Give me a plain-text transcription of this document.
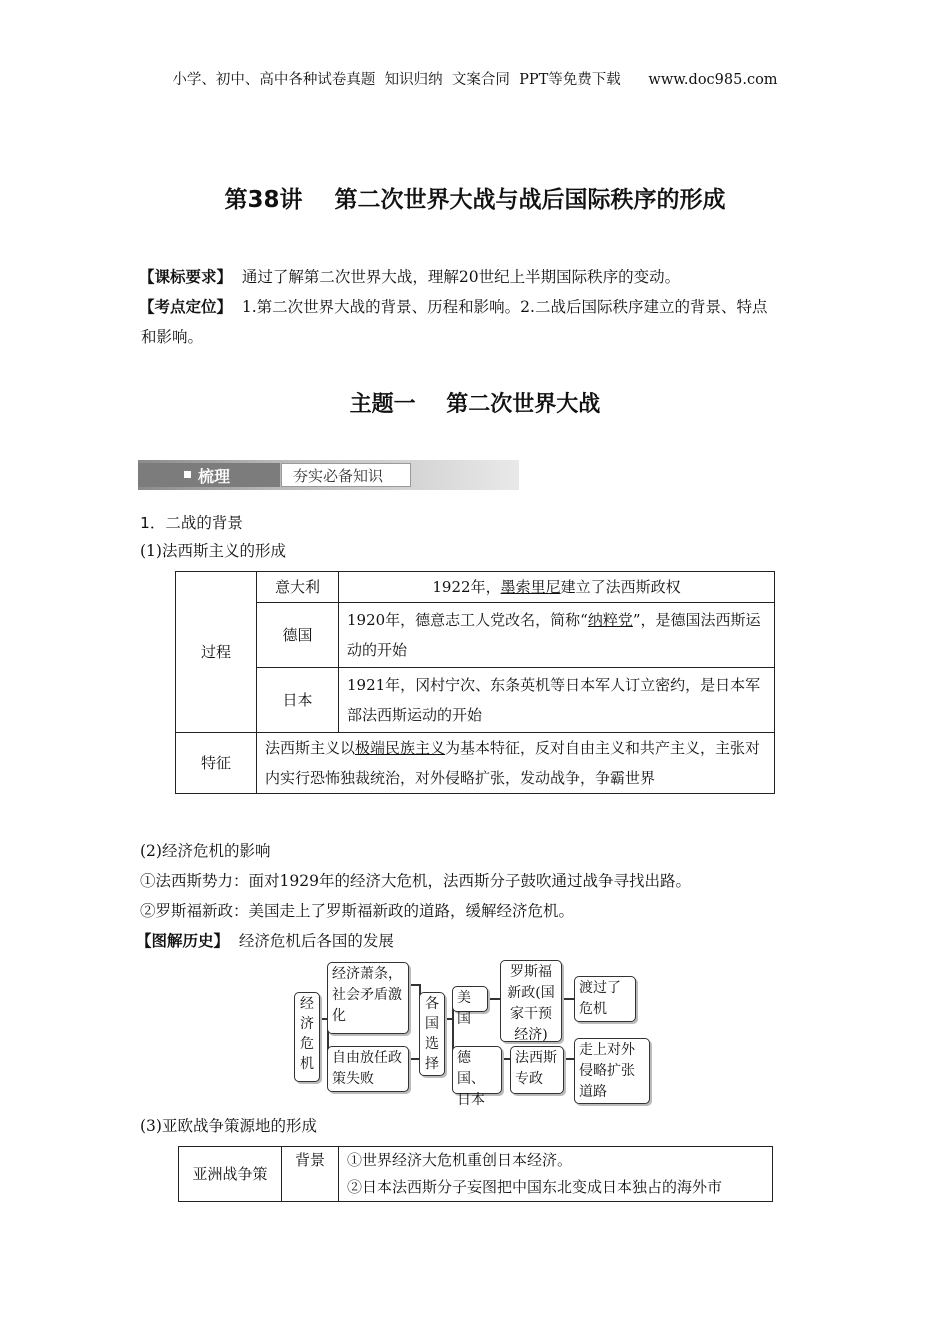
小学、初中、高中各种试卷真题  知识归纳  文案合同  PPT等免费下载      www.doc985.com
第38讲    第二次世界大战与战后国际秩序的形成
【课标要求】 通过了解第二次世界大战，理解20世纪上半期国际秩序的变动。
【考点定位】 1.第二次世界大战的背景、历程和影响。2.二战后国际秩序建立的背景、特点
和影响。
主题一    第二次世界大战
梳理	夯实必备知识
1．二战的背景
(1)法西斯主义的形成
过程	意大利	1922年，墨索里尼建立了法西斯政权
	德国	1920年，德意志工人党改名，简称“纳粹党”，是德国法西斯运动的开始
	日本	1921年，冈村宁次、东条英机等日本军人订立密约，是日本军部法西斯运动的开始
特征	法西斯主义以极端民族主义为基本特征，反对自由主义和共产主义，主张对内实行恐怖独裁统治，对外侵略扩张，发动战争，争霸世界	
(2)经济危机的影响
①法西斯势力：面对1929年的经济大危机，法西斯分子鼓吹通过战争寻找出路。
②罗斯福新政：美国走上了罗斯福新政的道路，缓解经济危机。
【图解历史】 经济危机后各国的发展
经济危机
经济萧条，社会矛盾激化
自由放任政策失败
各国选择
美国
德国、日本
罗斯福新政(国家干预经济)
法西斯专政
渡过了危机
走上对外侵略扩张道路
(3)亚欧战争策源地的形成
亚洲战争策	背景	①世界经济大危机重创日本经济。
②日本法西斯分子妄图把中国东北变成日本独占的海外市
